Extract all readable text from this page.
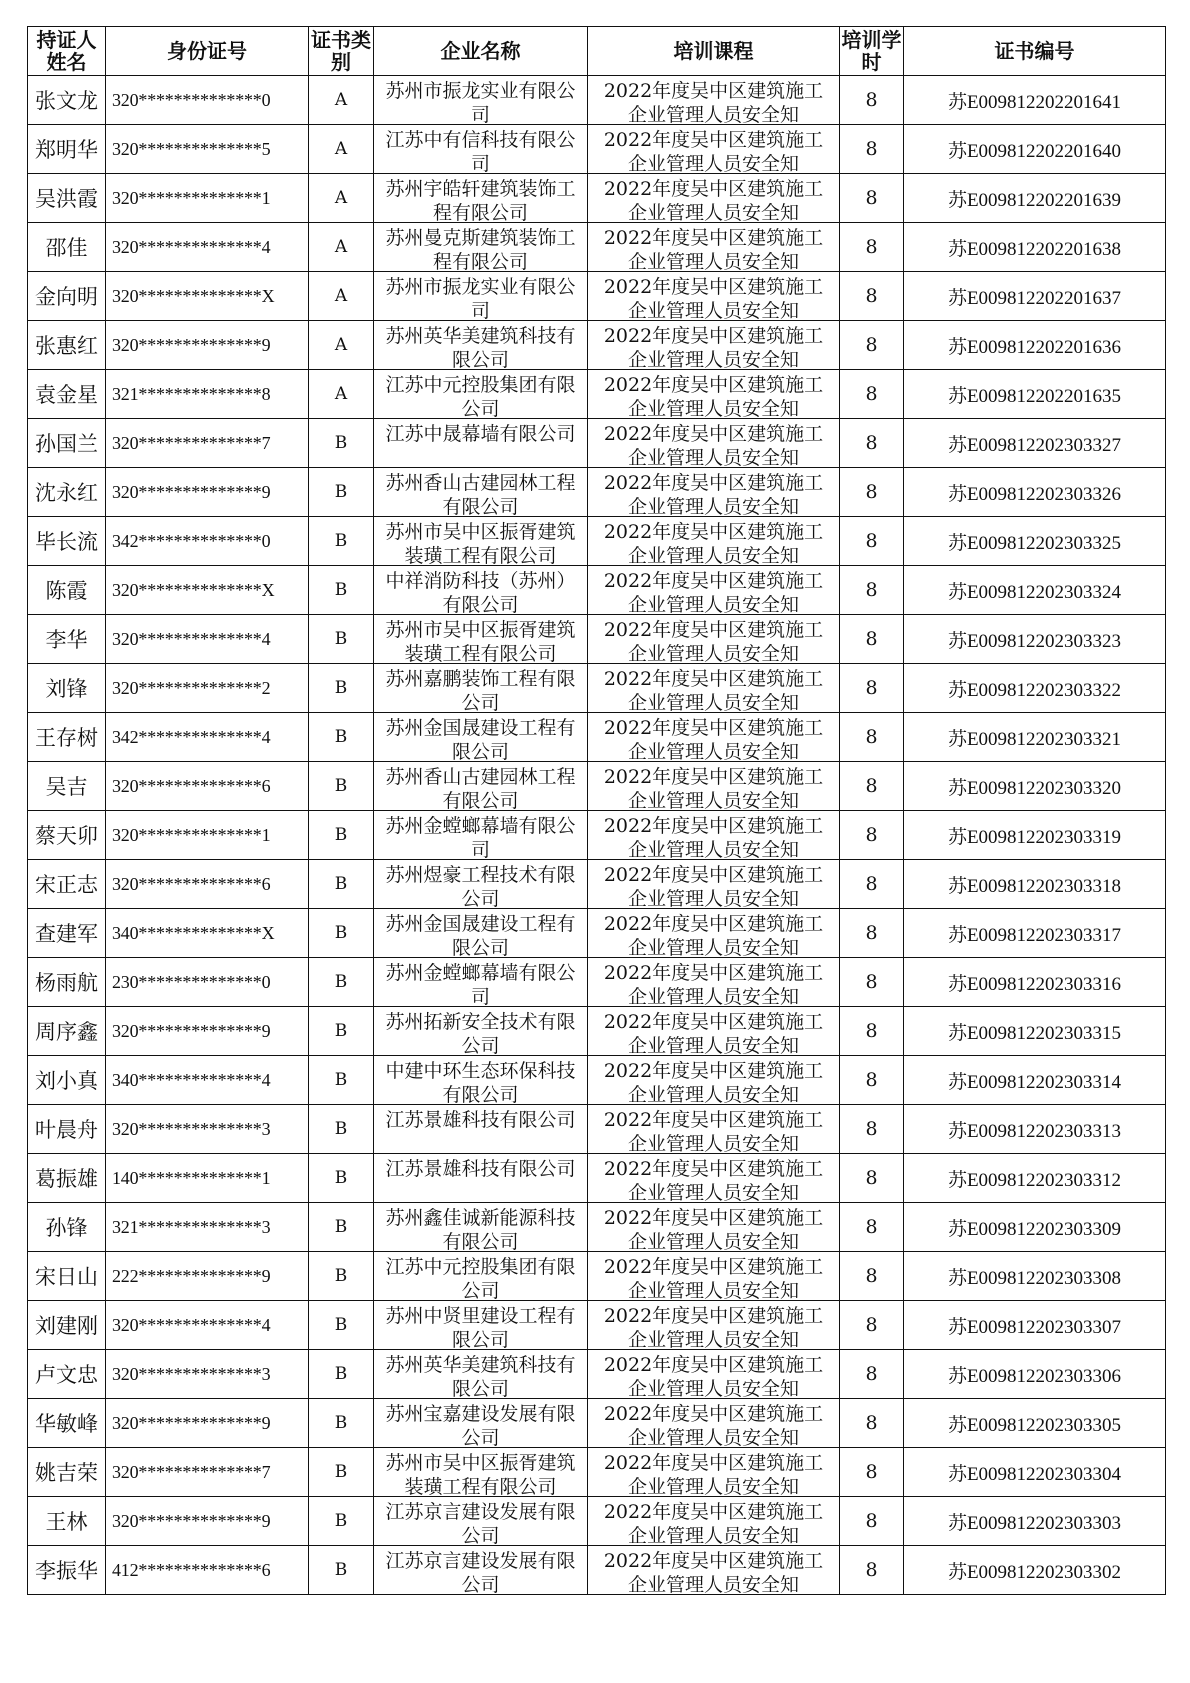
持证人姓名	身份证号	证书类别	企业名称	培训课程	培训学时	证书编号
张文龙	320**************0	A	苏州市振龙实业有限公司	2022年度吴中区建筑施工企业管理人员安全知	8	苏E009812202201641
郑明华	320**************5	A	江苏中有信科技有限公司	2022年度吴中区建筑施工企业管理人员安全知	8	苏E009812202201640
吴洪霞	320**************1	A	苏州宇皓轩建筑装饰工程有限公司	2022年度吴中区建筑施工企业管理人员安全知	8	苏E009812202201639
邵佳	320**************4	A	苏州曼克斯建筑装饰工程有限公司	2022年度吴中区建筑施工企业管理人员安全知	8	苏E009812202201638
金向明	320**************X	A	苏州市振龙实业有限公司	2022年度吴中区建筑施工企业管理人员安全知	8	苏E009812202201637
张惠红	320**************9	A	苏州英华美建筑科技有限公司	2022年度吴中区建筑施工企业管理人员安全知	8	苏E009812202201636
袁金星	321**************8	A	江苏中元控股集团有限公司	2022年度吴中区建筑施工企业管理人员安全知	8	苏E009812202201635
孙国兰	320**************7	B	江苏中晟幕墙有限公司	2022年度吴中区建筑施工企业管理人员安全知	8	苏E009812202303327
沈永红	320**************9	B	苏州香山古建园林工程有限公司	2022年度吴中区建筑施工企业管理人员安全知	8	苏E009812202303326
毕长流	342**************0	B	苏州市吴中区振胥建筑装璜工程有限公司	2022年度吴中区建筑施工企业管理人员安全知	8	苏E009812202303325
陈霞	320**************X	B	中祥消防科技（苏州）有限公司	2022年度吴中区建筑施工企业管理人员安全知	8	苏E009812202303324
李华	320**************4	B	苏州市吴中区振胥建筑装璜工程有限公司	2022年度吴中区建筑施工企业管理人员安全知	8	苏E009812202303323
刘锋	320**************2	B	苏州嘉鹏装饰工程有限公司	2022年度吴中区建筑施工企业管理人员安全知	8	苏E009812202303322
王存树	342**************4	B	苏州金国晟建设工程有限公司	2022年度吴中区建筑施工企业管理人员安全知	8	苏E009812202303321
吴吉	320**************6	B	苏州香山古建园林工程有限公司	2022年度吴中区建筑施工企业管理人员安全知	8	苏E009812202303320
蔡天卯	320**************1	B	苏州金螳螂幕墙有限公司	2022年度吴中区建筑施工企业管理人员安全知	8	苏E009812202303319
宋正志	320**************6	B	苏州煜豪工程技术有限公司	2022年度吴中区建筑施工企业管理人员安全知	8	苏E009812202303318
查建军	340**************X	B	苏州金国晟建设工程有限公司	2022年度吴中区建筑施工企业管理人员安全知	8	苏E009812202303317
杨雨航	230**************0	B	苏州金螳螂幕墙有限公司	2022年度吴中区建筑施工企业管理人员安全知	8	苏E009812202303316
周序鑫	320**************9	B	苏州拓新安全技术有限公司	2022年度吴中区建筑施工企业管理人员安全知	8	苏E009812202303315
刘小真	340**************4	B	中建中环生态环保科技有限公司	2022年度吴中区建筑施工企业管理人员安全知	8	苏E009812202303314
叶晨舟	320**************3	B	江苏景雄科技有限公司	2022年度吴中区建筑施工企业管理人员安全知	8	苏E009812202303313
葛振雄	140**************1	B	江苏景雄科技有限公司	2022年度吴中区建筑施工企业管理人员安全知	8	苏E009812202303312
孙锋	321**************3	B	苏州鑫佳诚新能源科技有限公司	2022年度吴中区建筑施工企业管理人员安全知	8	苏E009812202303309
宋日山	222**************9	B	江苏中元控股集团有限公司	2022年度吴中区建筑施工企业管理人员安全知	8	苏E009812202303308
刘建刚	320**************4	B	苏州中贤里建设工程有限公司	2022年度吴中区建筑施工企业管理人员安全知	8	苏E009812202303307
卢文忠	320**************3	B	苏州英华美建筑科技有限公司	2022年度吴中区建筑施工企业管理人员安全知	8	苏E009812202303306
华敏峰	320**************9	B	苏州宝嘉建设发展有限公司	2022年度吴中区建筑施工企业管理人员安全知	8	苏E009812202303305
姚吉荣	320**************7	B	苏州市吴中区振胥建筑装璜工程有限公司	2022年度吴中区建筑施工企业管理人员安全知	8	苏E009812202303304
王林	320**************9	B	江苏京言建设发展有限公司	2022年度吴中区建筑施工企业管理人员安全知	8	苏E009812202303303
李振华	412**************6	B	江苏京言建设发展有限公司	2022年度吴中区建筑施工企业管理人员安全知	8	苏E009812202303302
